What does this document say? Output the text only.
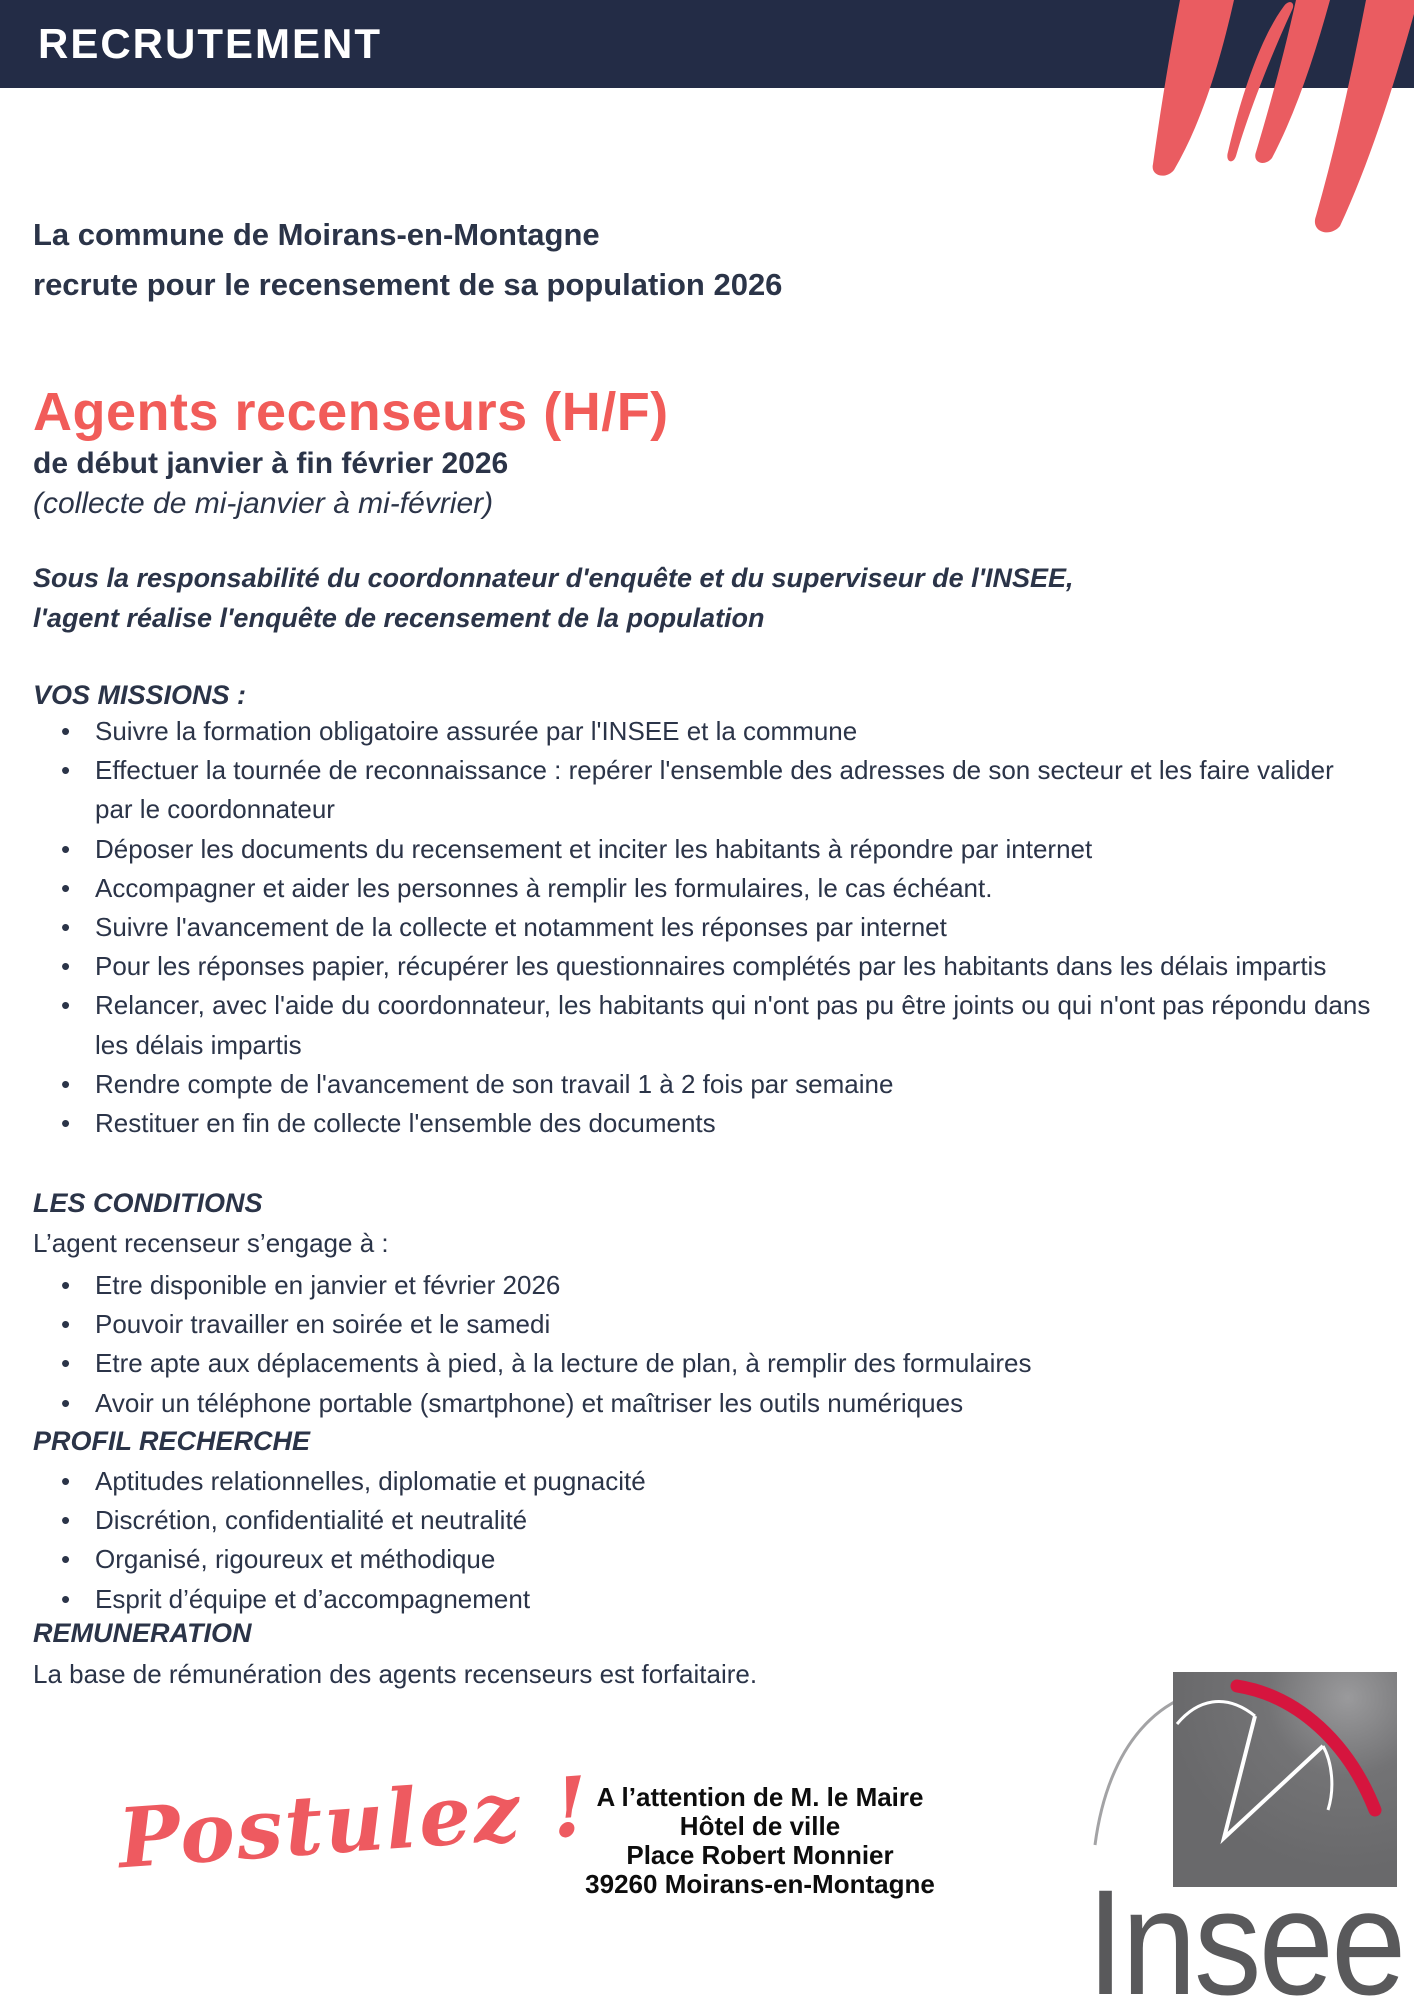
RECRUTEMENT
La commune de Moirans-en-Montagne
recrute pour le recensement de sa population 2026
Agents recenseurs (H/F)
de début janvier à fin février 2026
(collecte de mi-janvier à mi-février)
Sous la responsabilité du coordonnateur d'enquête et du superviseur de l'INSEE,
l'agent réalise l'enquête de recensement de la population
VOS MISSIONS :
• Suivre la formation obligatoire assurée par l'INSEE et la commune
• Effectuer la tournée de reconnaissance : repérer l'ensemble des adresses de son secteur et les faire valider par le coordonnateur
• Déposer les documents du recensement et inciter les habitants à répondre par internet
• Accompagner et aider les personnes à remplir les formulaires, le cas échéant.
• Suivre l'avancement de la collecte et notamment les réponses par internet
• Pour les réponses papier, récupérer les questionnaires complétés par les habitants dans les délais impartis
• Relancer, avec l'aide du coordonnateur, les habitants qui n'ont pas pu être joints ou qui n'ont pas répondu dans les délais impartis
• Rendre compte de l'avancement de son travail 1 à 2 fois par semaine
• Restituer en fin de collecte l'ensemble des documents
LES CONDITIONS
L’agent recenseur s’engage à :
• Etre disponible en janvier et février 2026
• Pouvoir travailler en soirée et le samedi
• Etre apte aux déplacements à pied, à la lecture de plan, à remplir des formulaires
• Avoir un téléphone portable (smartphone) et maîtriser les outils numériques
PROFIL RECHERCHE
• Aptitudes relationnelles, diplomatie et pugnacité
• Discrétion, confidentialité et neutralité
• Organisé, rigoureux et méthodique
• Esprit d’équipe et d’accompagnement
REMUNERATION
La base de rémunération des agents recenseurs est forfaitaire.
Postulez ! A l’attention de M. le Maire
Hôtel de ville
Place Robert Monnier
39260 Moirans-en-Montagne	Insee
